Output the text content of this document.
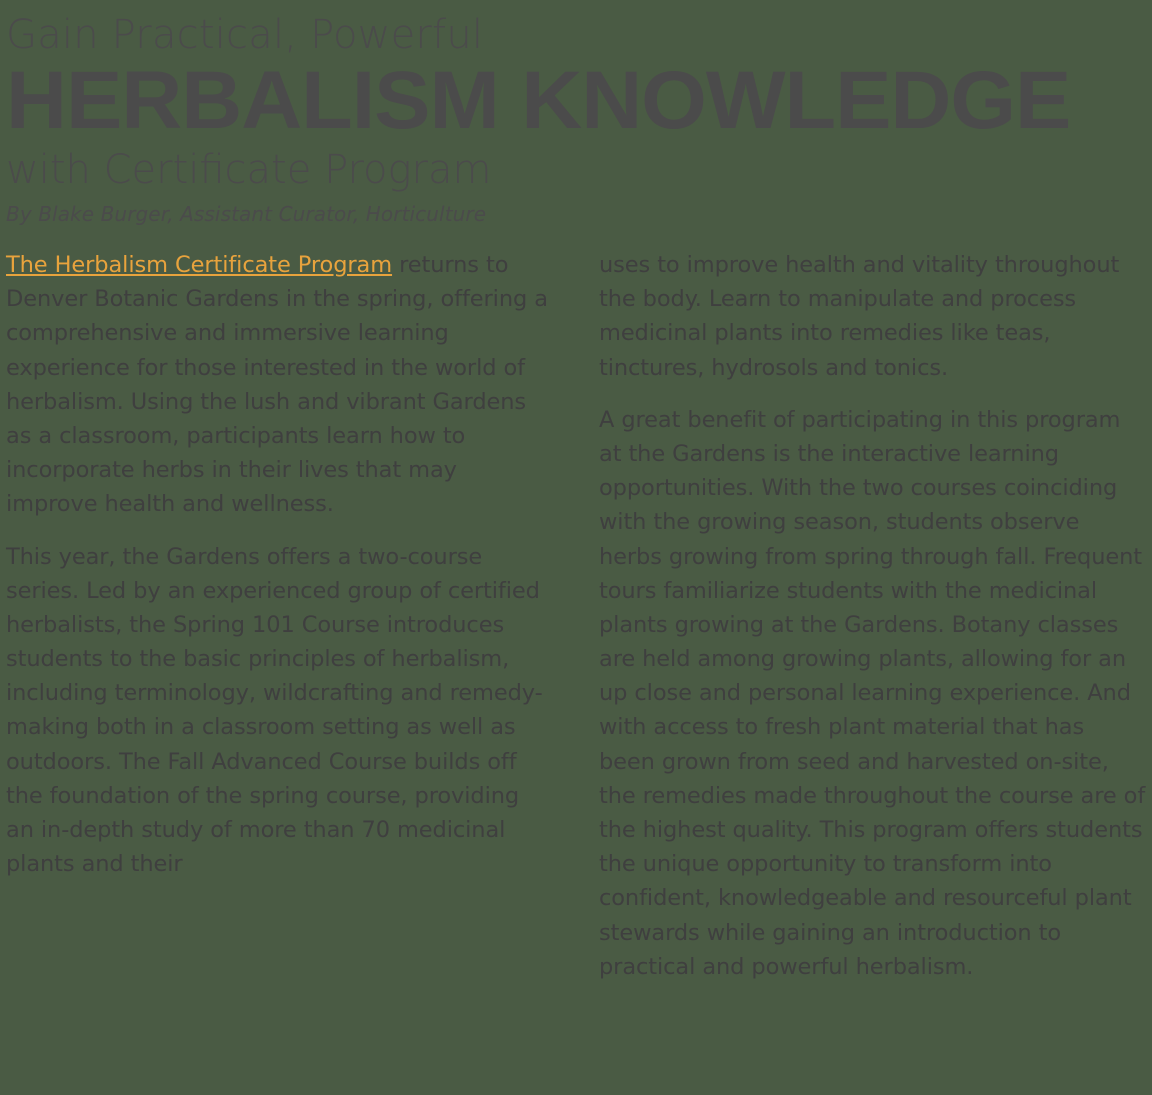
Gain Practical, Powerful
HERBALISM KNOWLEDGE
with Certificate Program
By Blake Burger, Assistant Curator, Horticulture

The Herbalism Certificate Program returns to Denver Botanic Gardens in the spring, offering a comprehensive and immersive learning experience for those interested in the world of herbalism. Using the lush and vibrant Gardens as a classroom, participants learn how to incorporate herbs in their lives that may improve health and wellness.

This year, the Gardens offers a two-course series. Led by an experienced group of certified herbalists, the Spring 101 Course introduces students to the basic principles of herbalism, including terminology, wildcrafting and remedy-making both in a classroom setting as well as outdoors. The Fall Advanced Course builds off the foundation of the spring course, providing an in-depth study of more than 70 medicinal plants and their

uses to improve health and vitality throughout the body. Learn to manipulate and process medicinal plants into remedies like teas, tinctures, hydrosols and tonics.

A great benefit of participating in this program at the Gardens is the interactive learning opportunities. With the two courses coinciding with the growing season, students observe herbs growing from spring through fall. Frequent tours familiarize students with the medicinal plants growing at the Gardens. Botany classes are held among growing plants, allowing for an up close and personal learning experience. And with access to fresh plant material that has been grown from seed and harvested on-site, the remedies made throughout the course are of the highest quality. This program offers students the unique opportunity to transform into confident, knowledgeable and resourceful plant stewards while gaining an introduction to practical and powerful herbalism.
